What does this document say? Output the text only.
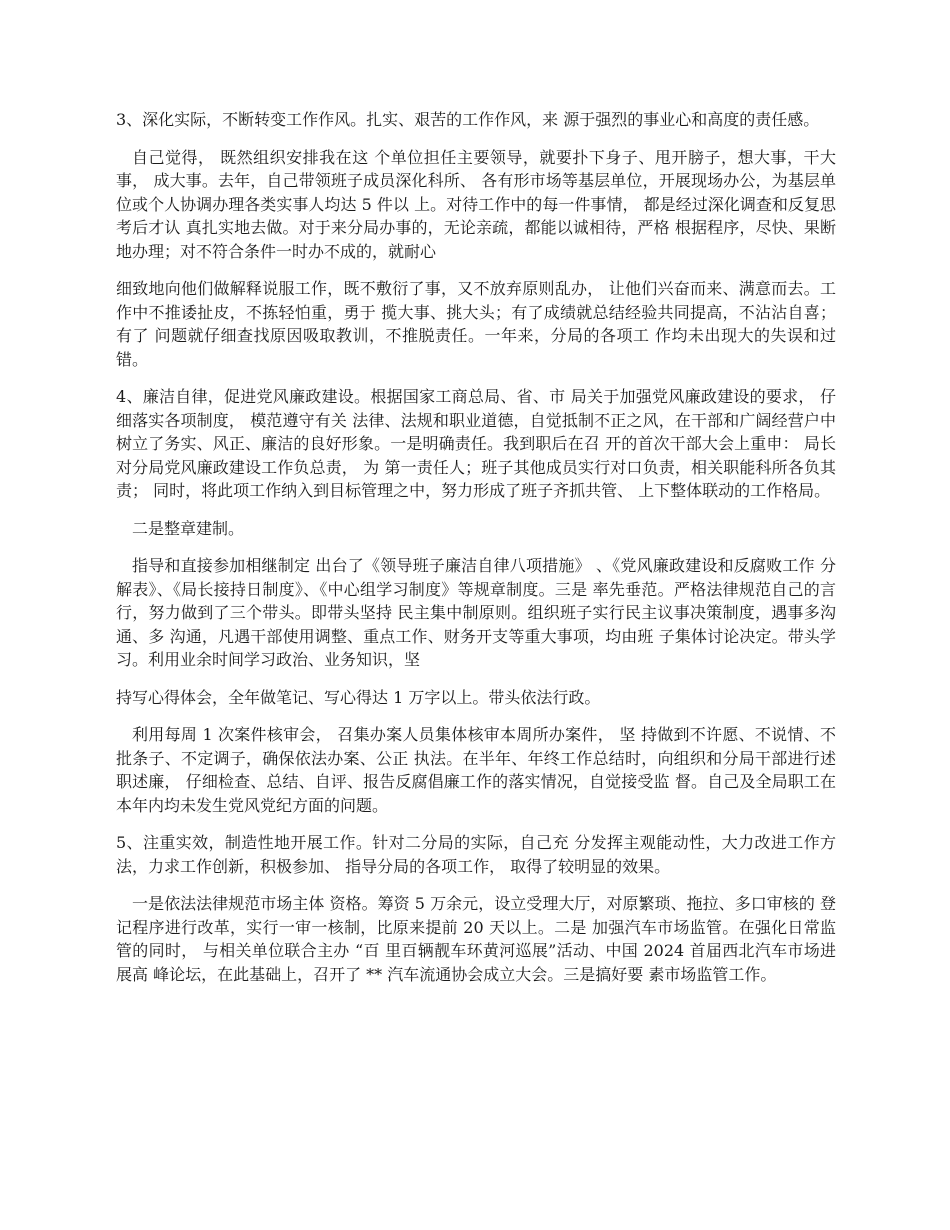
3、深化实际，不断转变工作作风。扎实、艰苦的工作作风，来 源于强烈的事业心和高度的责任感。

自己觉得， 既然组织安排我在这 个单位担任主要领导，就要扑下身子、甩开膀子，想大事，干大事， 成大事。去年，自己带领班子成员深化科所、 各有形市场等基层单位，开展现场办公，为基层单位或个人协调办理各类实事人均达 5 件以 上。对待工作中的每一件事情， 都是经过深化调查和反复思考后才认 真扎实地去做。对于来分局办事的，无论亲疏，都能以诚相待，严格 根据程序，尽快、果断地办理；对不符合条件一时办不成的，就耐心

细致地向他们做解释说服工作，既不敷衍了事，又不放弃原则乱办， 让他们兴奋而来、满意而去。工作中不推诿扯皮，不拣轻怕重，勇于 揽大事、挑大头；有了成绩就总结经验共同提高，不沾沾自喜；有了 问题就仔细查找原因吸取教训，不推脱责任。一年来，分局的各项工 作均未出现大的失误和过错。

4、廉洁自律，促进党风廉政建设。根据国家工商总局、省、市 局关于加强党风廉政建设的要求， 仔细落实各项制度， 模范遵守有关 法律、法规和职业道德，自觉抵制不正之风，在干部和广阔经营户中 树立了务实、风正、廉洁的良好形象。一是明确责任。我到职后在召 开的首次干部大会上重申： 局长对分局党风廉政建设工作负总责， 为 第一责任人；班子其他成员实行对口负责，相关职能科所各负其责； 同时，将此项工作纳入到目标管理之中，努力形成了班子齐抓共管、 上下整体联动的工作格局。

二是整章建制。

指导和直接参加相继制定 出台了《领导班子廉洁自律八项措施》 、《党风廉政建设和反腐败工作 分解表》、《局长接持日制度》、《中心组学习制度》等规章制度。三是 率先垂范。严格法律规范自己的言行，努力做到了三个带头。即带头坚持 民主集中制原则。组织班子实行民主议事决策制度，遇事多沟通、多 沟通，凡遇干部使用调整、重点工作、财务开支等重大事项，均由班 子集体讨论决定。带头学习。利用业余时间学习政治、业务知识，坚

持写心得体会，全年做笔记、写心得达 1 万字以上。带头依法行政。

利用每周 1 次案件核审会， 召集办案人员集体核审本周所办案件， 坚 持做到不许愿、不说情、不批条子、不定调子，确保依法办案、公正 执法。在半年、年终工作总结时，向组织和分局干部进行述职述廉， 仔细检查、总结、自评、报告反腐倡廉工作的落实情况，自觉接受监 督。自己及全局职工在本年内均未发生党风党纪方面的问题。

5、注重实效，制造性地开展工作。针对二分局的实际，自己充 分发挥主观能动性，大力改进工作方法，力求工作创新，积极参加、 指导分局的各项工作， 取得了较明显的效果。

一是依法法律规范市场主体 资格。筹资 5 万余元，设立受理大厅，对原繁琐、拖拉、多口审核的 登记程序进行改革，实行一审一核制，比原来提前 20 天以上。二是 加强汽车市场监管。在强化日常监管的同时， 与相关单位联合主办 “百 里百辆靓车环黄河巡展”活动、中国 2024 首届西北汽车市场进展高 峰论坛，在此基础上，召开了 ** 汽车流通协会成立大会。三是搞好要 素市场监管工作。
